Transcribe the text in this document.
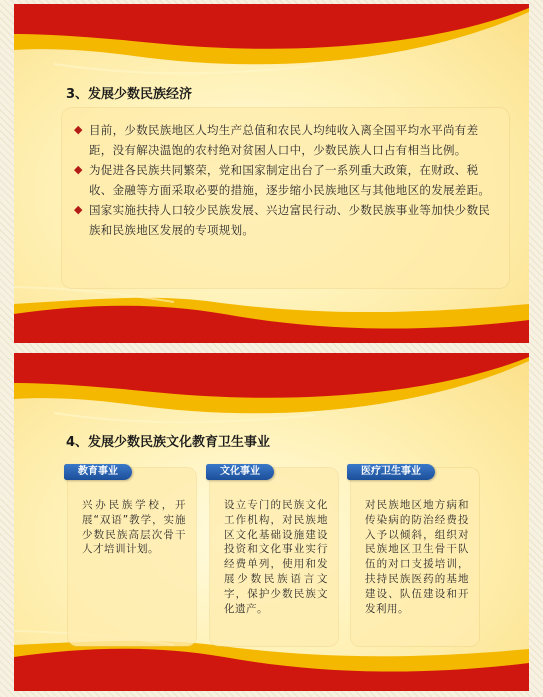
3、发展少数民族经济
◆ 目前，少数民族地区人均生产总值和农民人均纯收入离全国平均水平尚有差距，没有解决温饱的农村绝对贫困人口中，少数民族人口占有相当比例。
◆ 为促进各民族共同繁荣，党和国家制定出台了一系列重大政策，在财政、税收、金融等方面采取必要的措施，逐步缩小民族地区与其他地区的发展差距。
◆ 国家实施扶持人口较少民族发展、兴边富民行动、少数民族事业等加快少数民族和民族地区发展的专项规划。
4、发展少数民族文化教育卫生事业
教育事业
兴办民族学校，开展“双语”教学，实施少数民族高层次骨干人才培训计划。
文化事业
设立专门的民族文化工作机构，对民族地区文化基础设施建设投资和文化事业实行经费单列，使用和发展少数民族语言文字，保护少数民族文化遗产。
医疗卫生事业
对民族地区地方病和传染病的防治经费投入予以倾斜，组织对民族地区卫生骨干队伍的对口支援培训，扶持民族医药的基地建设、队伍建设和开发利用。
